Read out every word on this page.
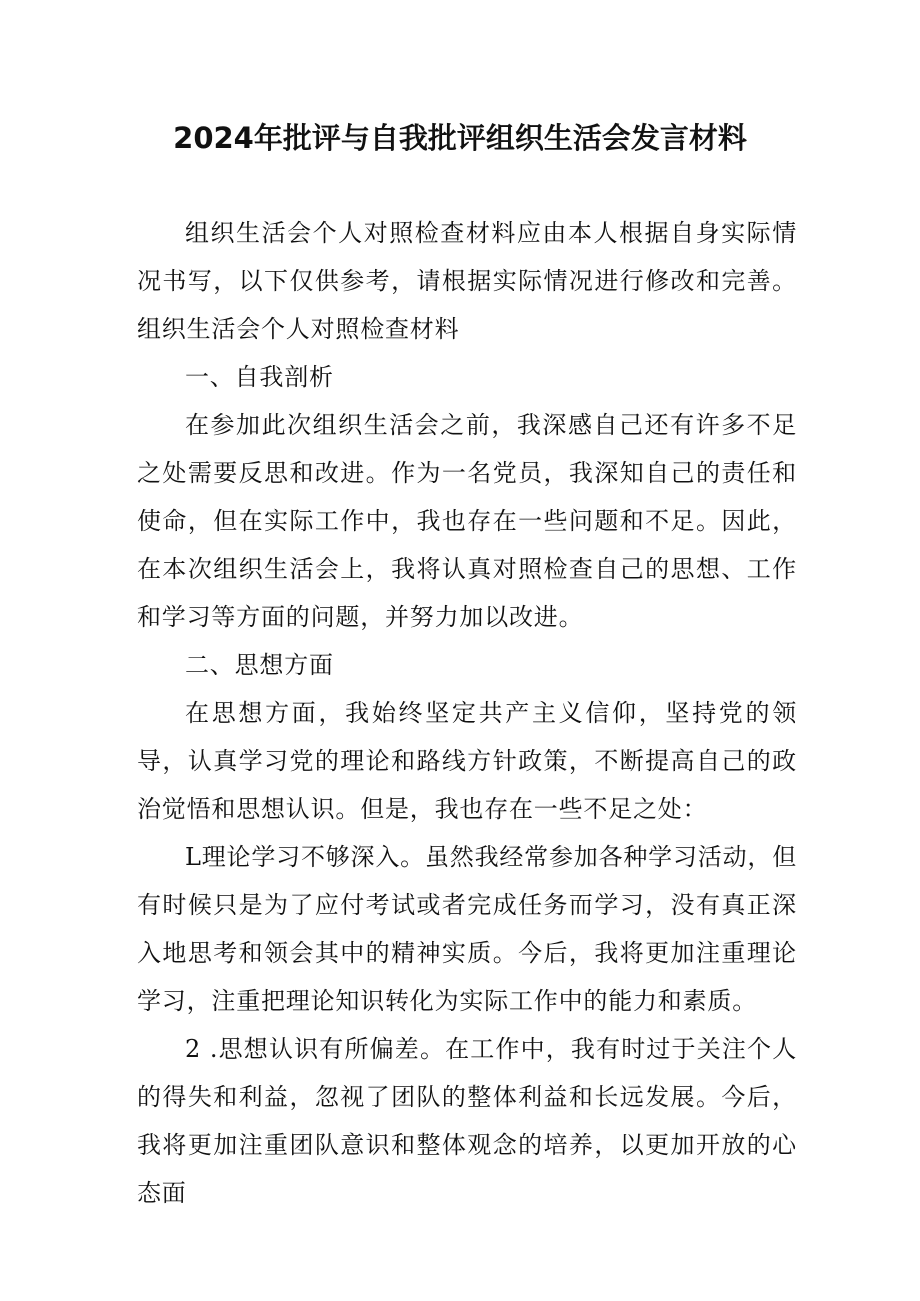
2024年批评与自我批评组织生活会发言材料

组织生活会个人对照检查材料应由本人根据自身实际情况书写，以下仅供参考，请根据实际情况进行修改和完善。组织生活会个人对照检查材料

一、自我剖析

在参加此次组织生活会之前，我深感自己还有许多不足之处需要反思和改进。作为一名党员，我深知自己的责任和使命，但在实际工作中，我也存在一些问题和不足。因此，在本次组织生活会上，我将认真对照检查自己的思想、工作和学习等方面的问题，并努力加以改进。

二、思想方面

在思想方面，我始终坚定共产主义信仰，坚持党的领导，认真学习党的理论和路线方针政策，不断提高自己的政治觉悟和思想认识。但是，我也存在一些不足之处：

L理论学习不够深入。虽然我经常参加各种学习活动，但有时候只是为了应付考试或者完成任务而学习，没有真正深入地思考和领会其中的精神实质。今后，我将更加注重理论学习，注重把理论知识转化为实际工作中的能力和素质。

2 .思想认识有所偏差。在工作中，我有时过于关注个人的得失和利益，忽视了团队的整体利益和长远发展。今后，我将更加注重团队意识和整体观念的培养，以更加开放的心态面
